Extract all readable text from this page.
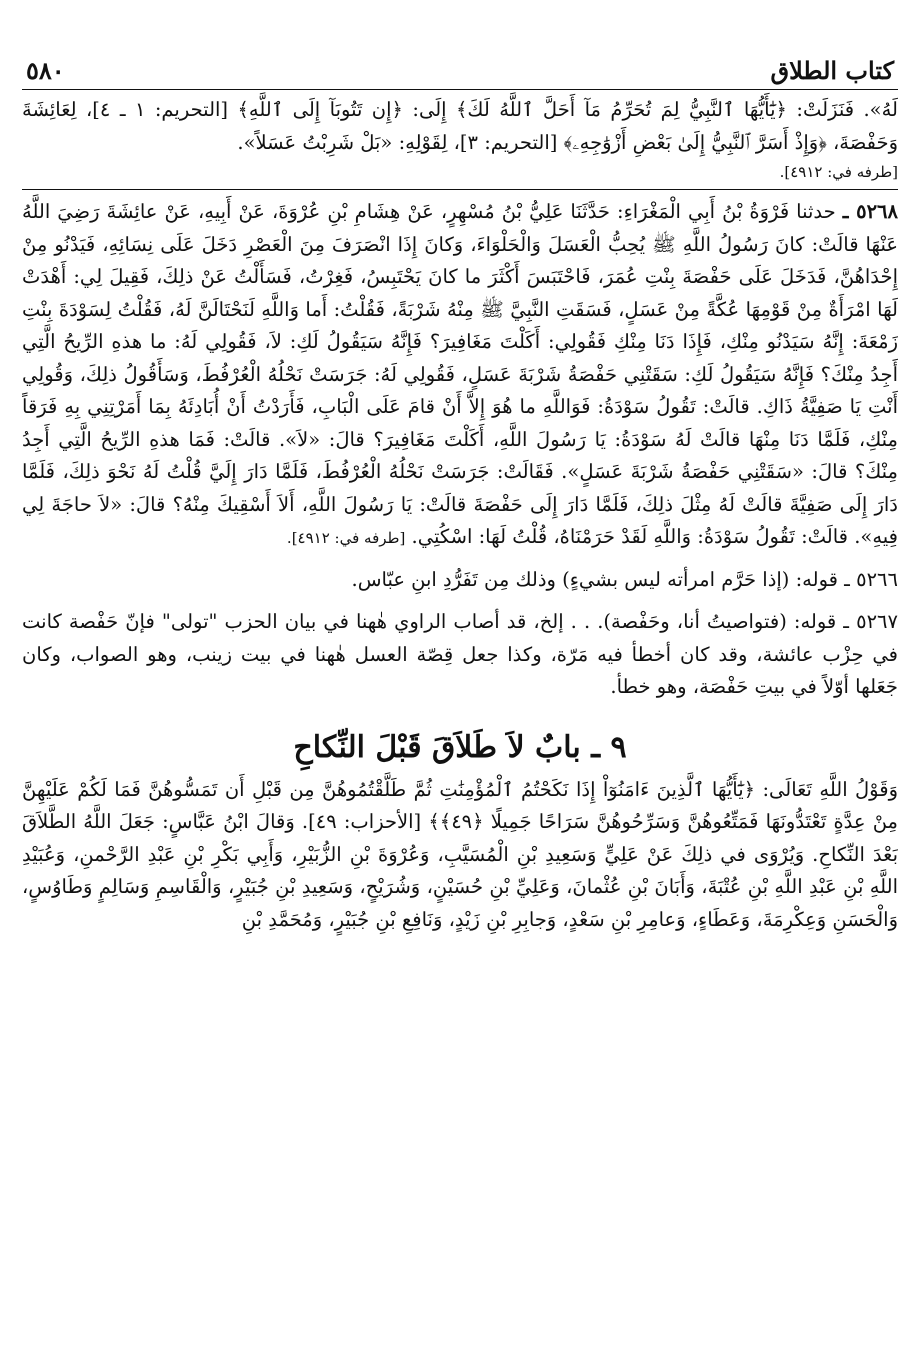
كتاب الطلاق
٥٨٠

لَهُ». فَنَزَلَتْ: ﴿يَٰٓأَيُّهَا ٱلنَّبِيُّ لِمَ تُحَرِّمُ مَآ أَحَلَّ ٱللَّهُ لَكَ﴾ إِلَى: ﴿إِن تَتُوبَآ إِلَى ٱللَّهِ﴾ [التحريم: ١ ـ ٤]، لِعَائِشَةَ وَحَفْصَةَ، ﴿وَإِذْ أَسَرَّ ٱلنَّبِيُّ إِلَىٰ بَعْضِ أَزْوَٰجِهِۦ﴾ [التحريم: ٣]، لِقَوْلِهِ: «بَلْ شَرِبْتُ عَسَلاً».

[طرفه في: ٤٩١٢].

٥٢٦٨ ـ حدثنا فَرْوَةُ بْنُ أَبِي الْمَغْرَاءِ: حَدَّثَنَا عَلِيُّ بْنُ مُسْهِرٍ، عَنْ هِشَامِ بْنِ عُرْوَةَ، عَنْ أَبِيهِ، عَنْ عائِشَةَ رَضِيَ اللَّهُ عَنْهَا قالَتْ: كانَ رَسُولُ اللَّهِ ﷺ يُحِبُّ الْعَسَلَ وَالْحَلْوَاءَ، وَكانَ إِذَا انْصَرَفَ مِنَ الْعَصْرِ دَخَلَ عَلَى نِسَائِهِ، فَيَدْنُو مِنْ إِحْدَاهُنَّ، فَدَخَلَ عَلَى حَفْصَةَ بِنْتِ عُمَرَ، فَاحْتَبَسَ أَكْثَرَ ما كانَ يَحْتَبِسُ، فَغِرْتُ، فَسَأَلْتُ عَنْ ذلِكَ، فَقِيلَ لِي: أَهْدَتْ لَهَا امْرَأَةٌ مِنْ قَوْمِهَا عُكَّةً مِنْ عَسَلٍ، فَسَقَتِ النَّبِيَّ ﷺ مِنْهُ شَرْبَةً، فَقُلْتُ: أَما وَاللَّهِ لَنَحْتَالَنَّ لَهُ، فَقُلْتُ لِسَوْدَةَ بِنْتِ زَمْعَةَ: إِنَّهُ سَيَدْنُو مِنْكِ، فَإِذَا دَنَا مِنْكِ فَقُولِي: أَكَلْتَ مَغَافِيرَ؟ فَإِنَّهُ سَيَقُولُ لَكِ: لاَ، فَقُولِي لَهُ: ما هذهِ الرِّيحُ الَّتِي أَجِدُ مِنْكَ؟ فَإِنَّهُ سَيَقُولُ لَكِ: سَقَتْنِي حَفْصَةُ شَرْبَةَ عَسَلٍ، فَقُولِي لَهُ: جَرَسَتْ نَحْلُهُ الْعُرْفُطَ، وَسَأَقُولُ ذلِكَ، وَقُولِي أَنْتِ يَا صَفِيَّةُ ذَاكِ. قالَتْ: تَقُولُ سَوْدَةُ: فَوَاللَّهِ ما هُوَ إِلاَّ أَنْ قامَ عَلَى الْبَابِ، فَأَرَدْتُ أَنْ أُبَادِئَهُ بِمَا أَمَرْتِنِي بِهِ فَرَقاً مِنْكِ، فَلَمَّا دَنَا مِنْهَا قالَتْ لَهُ سَوْدَةُ: يَا رَسُولَ اللَّهِ، أَكَلْتَ مَغَافِيرَ؟ قالَ: «لاَ». قالَتْ: فَمَا هذهِ الرِّيحُ الَّتِي أَجِدُ مِنْكَ؟ قالَ: «سَقَتْنِي حَفْصَةُ شَرْبَةَ عَسَلٍ». فَقَالَتْ: جَرَسَتْ نَحْلُهُ الْعُرْفُطَ، فَلَمَّا دَارَ إِلَيَّ قُلْتُ لَهُ نَحْوَ ذلِكَ، فَلَمَّا دَارَ إِلَى صَفِيَّةَ قالَتْ لَهُ مِثْلَ ذلِكَ، فَلَمَّا دَارَ إِلَى حَفْصَةَ قالَتْ: يَا رَسُولَ اللَّهِ، أَلاَ أَسْقِيكَ مِنْهُ؟ قالَ: «لاَ حاجَةَ لِي فِيهِ». قالَتْ: تَقُولُ سَوْدَةُ: وَاللَّهِ لَقَدْ حَرَمْنَاهُ، قُلْتُ لَهَا: اسْكُتِي. [طرفه في: ٤٩١٢].

٥٢٦٦ ـ قوله: (إذا حَرَّم امرأته ليس بشيءٍ) وذلك مِن تَفَرُّدِ ابنِ عبّاس.

٥٢٦٧ ـ قوله: (فتواصيتُ أنا، وحَفْصة). . . إلخ، قد أصاب الراوي هٰهنا في بيان الحزب "تولى" فإنّ حَفْصة كانت في حِزْب عائشة، وقد كان أخطأ فيه مَرّة، وكذا جعل قِصّة العسل هٰهنا في بيت زينب، وهو الصواب، وكان جَعَلها أوّلاً في بيتِ حَفْصَة، وهو خطأ.

٩ ـ بابٌ لاَ طَلاَقَ قَبْلَ النِّكاحِ

وَقَوْلُ اللَّهِ تَعَالَى: ﴿يَٰٓأَيُّهَا ٱلَّذِينَ ءَامَنُوٓاْ إِذَا نَكَحْتُمُ ٱلْمُؤْمِنَٰتِ ثُمَّ طَلَّقْتُمُوهُنَّ مِن قَبْلِ أَن تَمَسُّوهُنَّ فَمَا لَكُمْ عَلَيْهِنَّ مِنْ عِدَّةٍ تَعْتَدُّونَهَا فَمَتِّعُوهُنَّ وَسَرِّحُوهُنَّ سَرَاحًا جَمِيلًا ﴿٤٩﴾﴾ [الأحزاب: ٤٩]. وَقالَ ابْنُ عَبَّاسٍ: جَعَلَ اللَّهُ الطَّلاَقَ بَعْدَ النِّكاحِ. وَيُرْوَى في ذلِكَ عَنْ عَلِيٍّ وَسَعِيدِ بْنِ الْمُسَيَّبِ، وَعُرْوَةَ بْنِ الزُّبَيْرِ، وَأَبِي بَكْرِ بْنِ عَبْدِ الرَّحْمنِ، وَعُبَيْدِ اللَّهِ بْنِ عَبْدِ اللَّهِ بْنِ عُتْبَةَ، وَأَبَانَ بْنِ عُثْمانَ، وَعَلِيِّ بْنِ حُسَيْنٍ، وَشُرَيْحٍ، وَسَعِيدِ بْنِ جُبَيْرٍ، وَالْقَاسِمِ وَسَالِمٍ وَطَاوُسٍ، وَالْحَسَنِ وَعِكْرِمَةَ، وَعَطَاءٍ، وَعامِرِ بْنِ سَعْدٍ، وَجابِرِ بْنِ زَيْدٍ، وَنَافِعِ بْنِ جُبَيْرٍ، وَمُحَمَّدِ بْنِ
